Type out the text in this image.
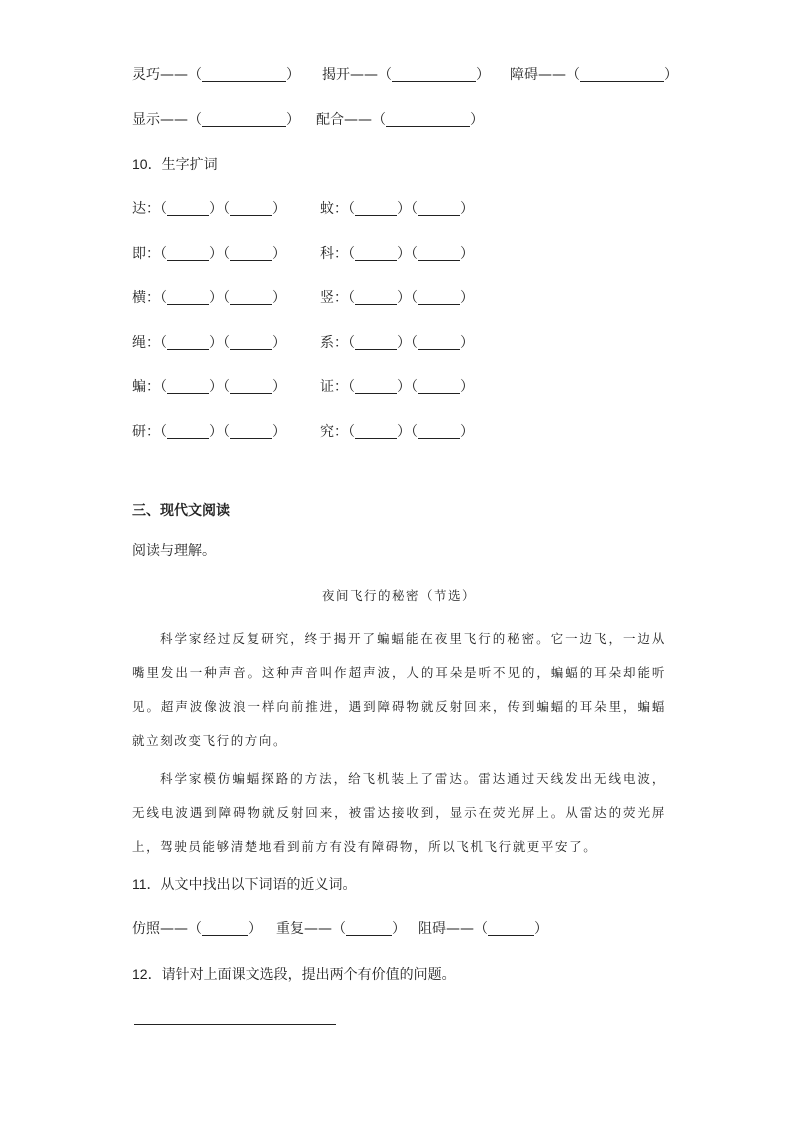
灵巧——（	） 揭开——（	） 障碍——（	）
显示——（	） 配合——（	）
10．生字扩词
达：（	）（	） 蚊：（	）（	）
即：（	）（	） 科：（	）（	）
横：（	）（	） 竖：（	）（	）
绳：（	）（	） 系：（	）（	）
蝙：（	）（	） 证：（	）（	）
研：（	）（	） 究：（	）（	）
三、现代文阅读
阅读与理解。
夜间飞行的秘密（节选）

科学家经过反复研究，终于揭开了蝙蝠能在夜里飞行的秘密。它一边飞，一边从嘴里发出一种声音。这种声音叫作超声波，人的耳朵是听不见的，蝙蝠的耳朵却能听见。超声波像波浪一样向前推进，遇到障碍物就反射回来，传到蝙蝠的耳朵里，蝙蝠就立刻改变飞行的方向。

科学家模仿蝙蝠探路的方法，给飞机装上了雷达。雷达通过天线发出无线电波，无线电波遇到障碍物就反射回来，被雷达接收到，显示在荧光屏上。从雷达的荧光屏上，驾驶员能够清楚地看到前方有没有障碍物，所以飞机飞行就更平安了。

11．从文中找出以下词语的近义词。
仿照——（	） 重复——（	） 阻碍——（	）
12．请针对上面课文选段，提出两个有价值的问题。
